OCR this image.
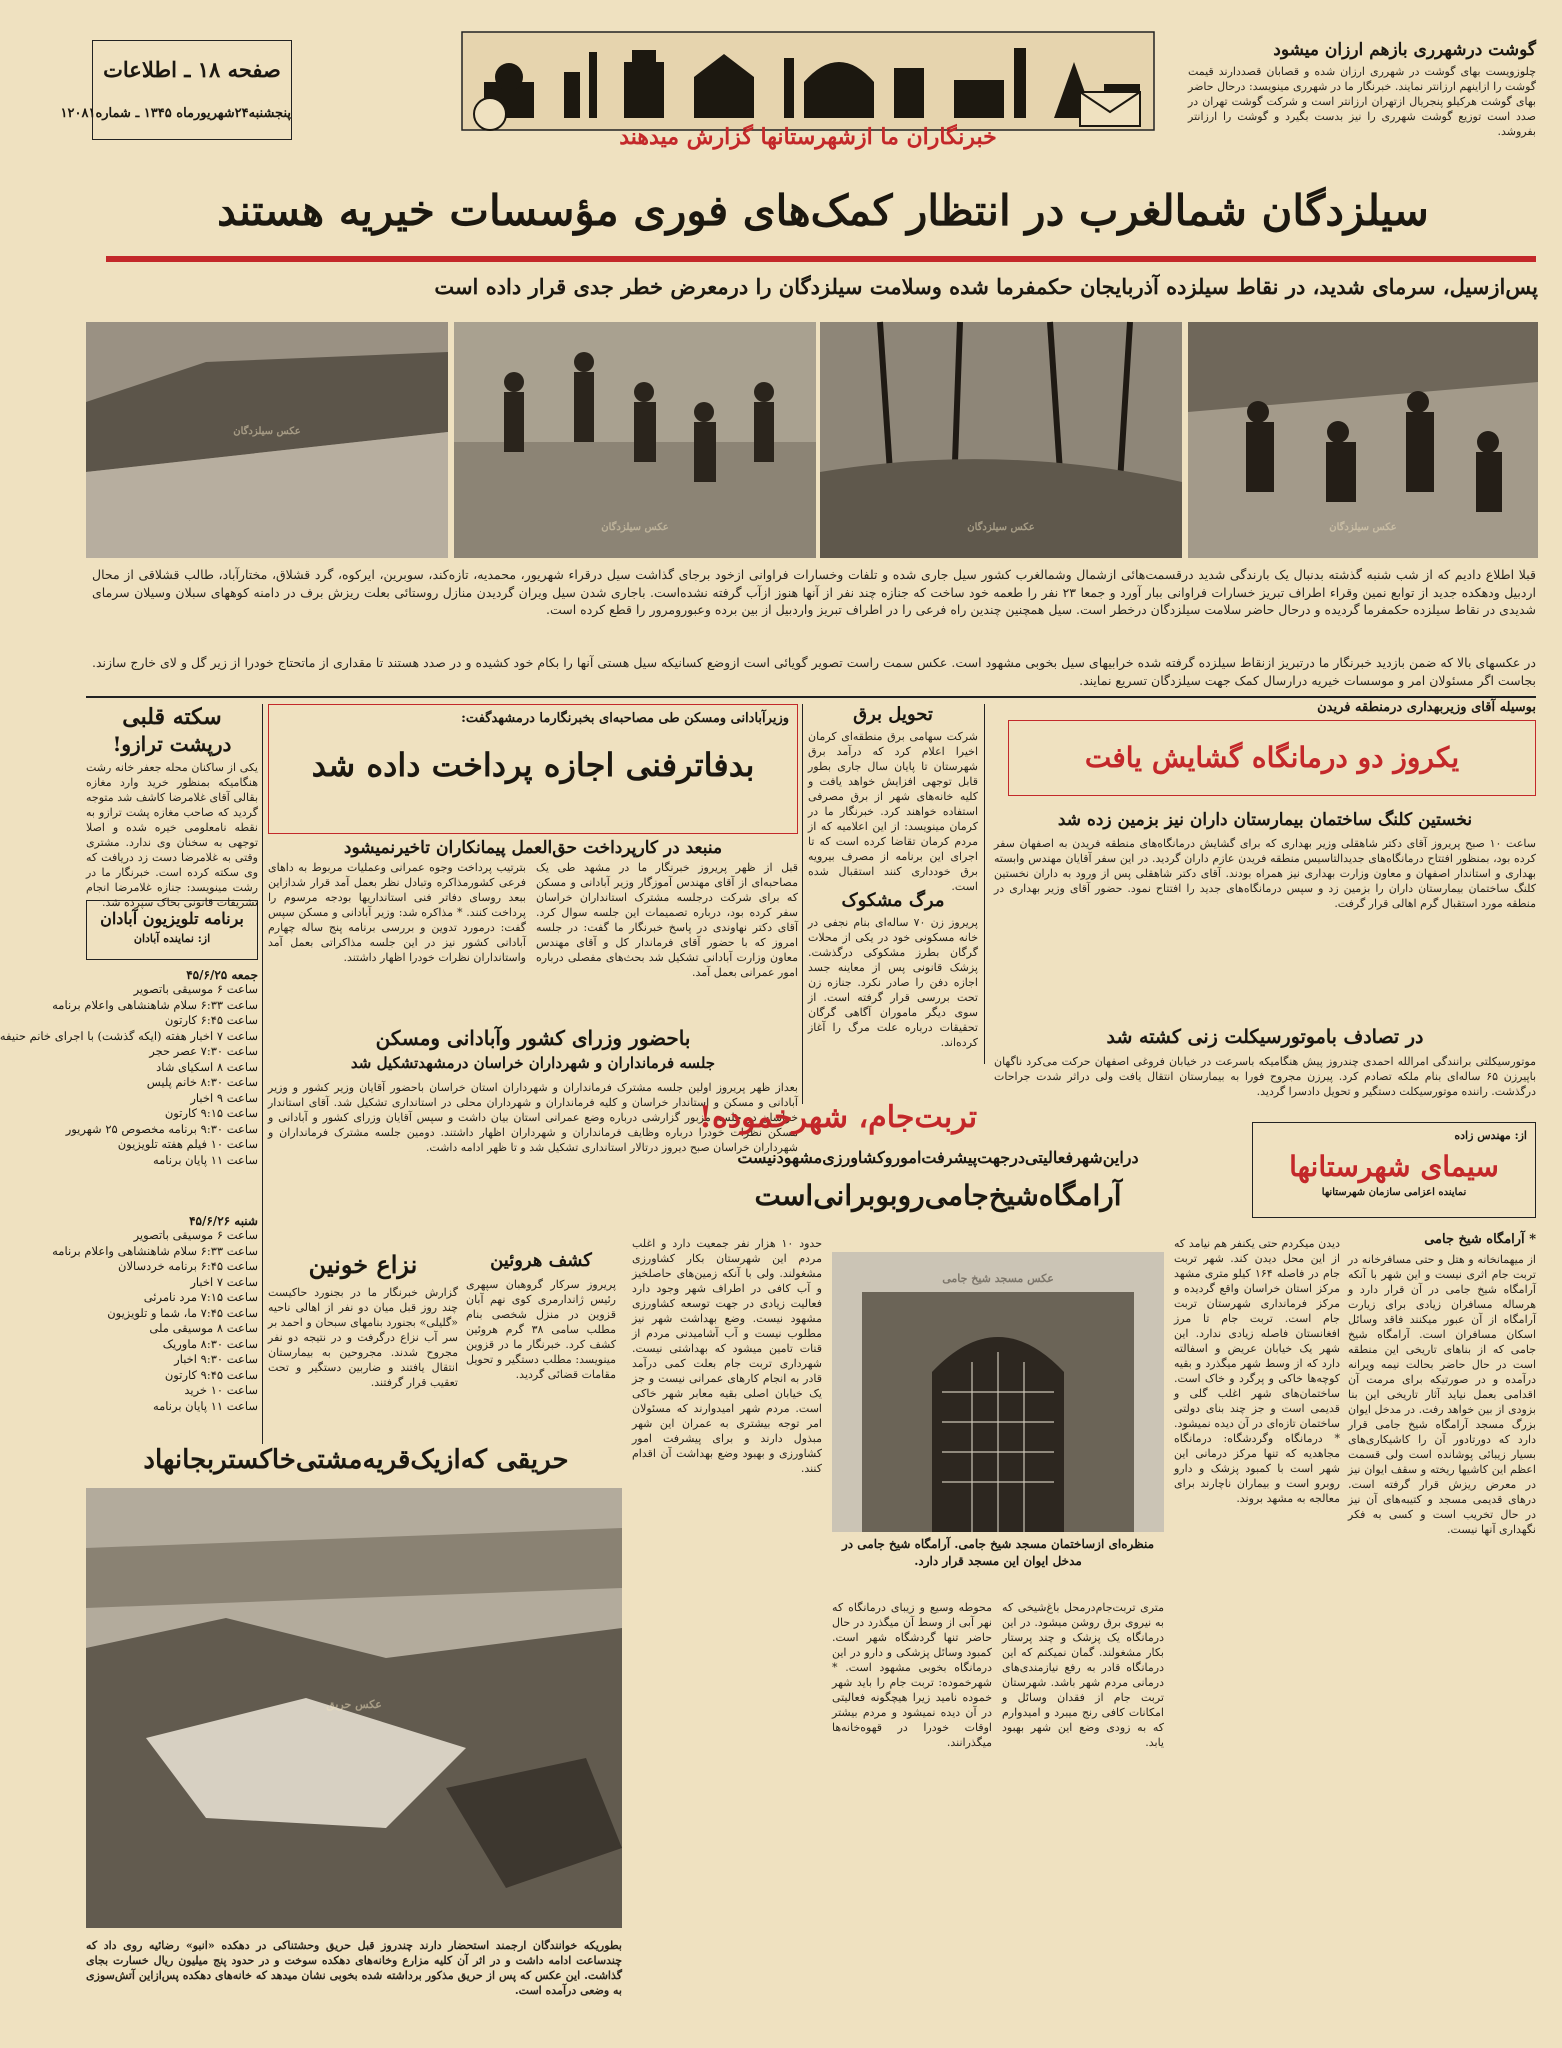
صفحه ۱۸ ـ اطلاعات
پنجشنبه۲۴شهریورماه ۱۳۴۵ ـ شماره۱۲۰۸۱
خبرنگاران ما ازشهرستانها گزارش میدهند
گوشت درشهرری بازهم ارزان میشود
چلوزویست بهای گوشت در شهرری ارزان شده و قصابان قصددارند قیمت گوشت را ازاینهم ارزانتر نمایند. خبرنگار ما در شهرری مینویسد: درحال حاضر بهای گوشت هرکیلو پنجریال ازتهران ارزانتر است و شرکت گوشت تهران در صدد است توزیع گوشت شهرری را نیز بدست بگیرد و گوشت را ارزانتر بفروشد.
سیلزدگان شمالغرب در انتظار کمک‌های فوری مؤسسات خیریه هستند
پس‌ازسیل، سرمای شدید، در نقاط سیلزده آذربایجان حکمفرما شده وسلامت سیلزدگان را درمعرض خطر جدی قرار داده است
عکس سیلزدگان
عکس سیلزدگان	عکس سیلزدگان	عکس سیلزدگان
قبلا اطلاع دادیم که از شب شنبه گذشته بدنبال یک بارندگی شدید درقسمت‌هائی ازشمال وشمالغرب کشور سیل جاری شده و تلفات وخسارات فراوانی ازخود برجای گذاشت سیل درقراء شهریور، محمدیه، تازه‌کند، سوبرین، ایرکوه، گرد قشلاق، مختارآباد، طالب قشلاقی از محال اردبیل ودهکده جدید از توابع نمین وقراء اطراف تبریز خسارات فراوانی ببار آورد و جمعا ۲۳ نفر را طعمه خود ساخت که جنازه چند نفر از آنها هنوز ازآب گرفته نشده‌است. باجاری شدن سیل ویران گردیدن منازل روستائی بعلت ریزش برف در دامنه کوههای سبلان وسیلان سرمای شدیدی در نقاط سیلزده حکمفرما گردیده و درحال حاضر سلامت سیلزدگان درخطر است. سیل همچنین چندین راه فرعی را در اطراف تبریز واردبیل از بین برده وعبورومرور را قطع کرده است.
در عکسهای بالا که ضمن بازدید خبرنگار ما درتبریز ازنقاط سیلزده گرفته شده خرابیهای سیل بخوبی مشهود است. عکس سمت راست تصویر گویائی است ازوضع کسانیکه سیل هستی آنها را بکام خود کشیده و در صدد هستند تا مقداری از ماتحتاج خودرا از زیر گل و لای خارج سازند. بجاست اگر مسئولان امر و موسسات خیریه درارسال کمک جهت سیلزدگان تسریع نمایند.
سکته قلبی
درپشت ترازو!
یکی از ساکنان محله جعفر خانه رشت هنگامیکه بمنظور خرید وارد مغازه بقالی آقای غلامرضا کاشف شد متوجه گردید که صاحب مغازه پشت ترازو به نقطه نامعلومی خیره شده و اصلا توجهی به سخنان وی ندارد. مشتری وقتی به غلامرضا دست زد دریافت که وی سکته کرده است. خبرنگار ما در رشت مینویسد: جنازه غلامرضا انجام تشریفات قانونی بخاک سپرده شد.
برنامه تلویزیون آبادان
از: نماینده آبادان
جمعه ۲۵‏/۶‏/۴۵
ساعت ۶ موسیقی باتصویر
ساعت ۶:۳۳ سلام شاهنشاهی واعلام برنامه
ساعت ۶:۴۵ کارتون
ساعت ۷ اخبار هفته (ایکه گذشت) با اجرای خانم حنیفه
ساعت ۷:۳۰ عصر حجر
ساعت ۸ اسکیای شاد
ساعت ۸:۳۰ خانم پلیس
ساعت ۹ اخبار
ساعت ۹:۱۵ کارتون
ساعت ۹:۳۰ برنامه مخصوص ۲۵ شهریور
ساعت ۱۰ فیلم هفته تلویزیون
ساعت ۱۱ پایان برنامه
شنبه ۲۶‏/۶‏/۴۵
ساعت ۶ موسیقی باتصویر
ساعت ۶:۳۳ سلام شاهنشاهی واعلام برنامه
ساعت ۶:۴۵ برنامه خردسالان
ساعت ۷ اخبار
ساعت ۷:۱۵ مرد نامرئی
ساعت ۷:۴۵ ما، شما و تلویزیون
ساعت ۸ موسیقی ملی
ساعت ۸:۳۰ ماوریک
ساعت ۹:۳۰ اخبار
ساعت ۹:۴۵ کارتون
ساعت ۱۰ خرید
ساعت ۱۱ پایان برنامه
وزیرآبادانی ومسکن طی مصاحبه‌ای بخبرنگارما درمشهدگفت:
بدفاترفنی اجازه پرداخت داده شد
منبعد در کارپرداخت حق‌العمل پیمانکاران تاخیرنمیشود
بترتیب پرداخت وجوه عمرانی وعملیات مربوط به داهای فرعی کشورمذاکره وتبادل نظر بعمل آمد قرار شدازاین ببعد روسای دفاتر فنی استانداریها بودجه مرسوم را پرداخت کنند. * مذاکره شد: وزیر آبادانی و مسکن سپس گفت: درمورد تدوین و بررسی برنامه پنج ساله چهارم آبادانی کشور نیز در این جلسه مذاکراتی بعمل آمد واستانداران نظرات خودرا اظهار داشتند.
قبل از ظهر پریروز خبرنگار ما در مشهد طی یک مصاحبه‌ای از آقای مهندس آموزگار وزیر آبادانی و مسکن که برای شرکت درجلسه مشترک استانداران خراسان سفر کرده بود، درباره تصمیمات این جلسه سوال کرد. آقای دکتر نهاوندی در پاسخ خبرنگار ما گفت: در جلسه امروز که با حضور آقای فرماندار کل و آقای مهندس معاون وزارت آبادانی تشکیل شد بحث‌های مفصلی درباره امور عمرانی بعمل آمد.
باحضور وزرای کشور وآبادانی ومسکن
جلسه فرمانداران و شهرداران خراسان درمشهدتشکیل شد
بعداز ظهر پریروز اولین جلسه مشترک فرمانداران و شهرداران استان خراسان باحضور آقایان وزیر کشور و وزیر آبادانی و مسکن و استاندار خراسان و کلیه فرمانداران و شهرداران محلی در استانداری تشکیل شد. آقای استاندار خراسان در جلسه مزبور گزارشی درباره وضع عمرانی استان بیان داشت و سپس آقایان وزرای کشور و آبادانی و مسکن نظرات خودرا درباره وظایف فرمانداران و شهرداران اظهار داشتند. دومین جلسه مشترک فرمانداران و شهرداران خراسان صبح دیروز درتالار استانداری تشکیل شد و تا ظهر ادامه داشت.
نزاع خونین
گزارش خبرنگار ما در بجنورد حاکیست چند روز قبل میان دو نفر از اهالی ناحیه «گلیلی» بجنورد بنامهای سبحان و احمد بر سر آب نزاع درگرفت و در نتیجه دو نفر مجروح شدند. مجروحین به بیمارستان انتقال یافتند و ضاربین دستگیر و تحت تعقیب قرار گرفتند.
کشف هروئین
پریروز سرکار گروهبان سپهری رئیس ژاندارمری کوی نهم آبان قزوین در منزل شخصی بنام مطلب سامی ۳۸ گرم هروئین کشف کرد. خبرنگار ما در قزوین مینویسد: مطلب دستگیر و تحویل مقامات قضائی گردید.
حریقی که‌ازیک‌قریه‌مشتی‌خاکستر‌بجانهاد
عکس حریق
بطوریکه خوانندگان ارجمند استحضار دارند چندروز قبل حریق وحشتناکی در دهکده «انبو» رضائیه روی داد که چندساعت ادامه داشت و در اثر آن کلیه مزارع وخانه‌های دهکده سوخت و در حدود پنج میلیون ریال خسارت بجای گذاشت. این عکس که پس از حریق مذکور برداشته شده بخوبی نشان میدهد که خانه‌های دهکده پس‌ازاین آتش‌سوزی به وضعی درآمده است.
تحویل برق
شرکت سهامی برق منطقه‌ای کرمان اخیرا اعلام کرد که درآمد برق شهرستان تا پایان سال جاری بطور قابل توجهی افزایش خواهد یافت و کلیه خانه‌های شهر از برق مصرفی استفاده خواهند کرد. خبرنگار ما در کرمان مینویسد: از این اعلامیه که از مردم کرمان تقاضا کرده است که تا اجرای این برنامه از مصرف بیرویه برق خودداری کنند استقبال شده است.
مرگ مشکوک
پریروز زن ۷۰ ساله‌ای بنام نجفی در خانه مسکونی خود در یکی از محلات گرگان بطرز مشکوکی درگذشت. پزشک قانونی پس از معاینه جسد اجازه دفن را صادر نکرد. جنازه زن تحت بررسی قرار گرفته است. از سوی دیگر ماموران آگاهی گرگان تحقیقات درباره علت مرگ را آغاز کرده‌اند.
بوسیله آقای وزیربهداری درمنطقه فریدن
یکروز دو درمانگاه گشایش یافت
نخستین کلنگ ساختمان بیمارستان داران نیز بزمین زده شد
ساعت ۱۰ صبح پریروز آقای دکتر شاهقلی وزیر بهداری که برای گشایش درمانگاه‌های منطقه فریدن به اصفهان سفر کرده بود، بمنظور افتتاح درمانگاه‌های جدیدالتاسیس منطقه فریدن عازم داران گردید. در این سفر آقایان مهندس وابسته بهداری و استاندار اصفهان و معاون وزارت بهداری نیز همراه بودند. آقای دکتر شاهقلی پس از ورود به داران نخستین کلنگ ساختمان بیمارستان داران را بزمین زد و سپس درمانگاه‌های جدید را افتتاح نمود. حضور آقای وزیر بهداری در منطقه مورد استقبال گرم اهالی قرار گرفت.
در تصادف باموتورسیکلت زنی کشته شد
موتورسیکلتی برانندگی امرالله احمدی چندروز پیش هنگامیکه باسرعت در خیابان فروغی اصفهان حرکت می‌کرد ناگهان باپیرزن ۶۵ ساله‌ای بنام ملکه تصادم کرد. پیرزن مجروح فورا به بیمارستان انتقال یافت ولی دراثر شدت جراحات درگذشت. راننده موتورسیکلت دستگیر و تحویل دادسرا گردید.
تربت‌جام، شهرخموده!
دراین‌شهرفعالیتی‌درجهت‌پیشرفت‌اموروکشاورزی‌مشهودنیست
آرامگاه‌شیخ‌جامی‌روبوبرانی‌است
از: مهندس زاده
سیمای شهرستانها
نماینده اعزامی سازمان شهرستانها
عکس مسجد شیخ جامی
منظره‌ای ازساختمان مسجد شیخ جامی. آرامگاه شیخ جامی در مدخل ایوان این مسجد قرار دارد.
* آرامگاه شیخ جامی
از میهمانخانه و هتل و حتی مسافرخانه در تربت جام اثری نیست و این شهر با آنکه آرامگاه شیخ جامی در آن قرار دارد و هرساله مسافران زیادی برای زیارت آرامگاه از آن عبور میکنند فاقد وسائل اسکان مسافران است. آرامگاه شیخ جامی که از بناهای تاریخی این منطقه است در حال حاضر بحالت نیمه ویرانه درآمده و در صورتیکه برای مرمت آن اقدامی بعمل نیاید آثار تاریخی این بنا بزودی از بین خواهد رفت. در مدخل ایوان بزرگ مسجد آرامگاه شیخ جامی قرار دارد که دورتادور آن را کاشیکاری‌های بسیار زیبائی پوشانده است ولی قسمت اعظم این کاشیها ریخته و سقف ایوان نیز در معرض ریزش قرار گرفته است. درهای قدیمی مسجد و کتیبه‌های آن نیز در حال تخریب است و کسی به فکر نگهداری آنها نیست.
دیدن میکردم حتی یکنفر هم نیامد که از این محل دیدن کند. شهر تربت جام در فاصله ۱۶۴ کیلو متری مشهد مرکز استان خراسان واقع گردیده و مرکز فرمانداری شهرستان تربت جام است. تربت جام تا مرز افغانستان فاصله زیادی ندارد. این شهر یک خیابان عریض و اسفالته دارد که از وسط شهر میگذرد و بقیه کوچه‌ها خاکی و پرگرد و خاک است. ساختمان‌های شهر اغلب گلی و قدیمی است و جز چند بنای دولتی ساختمان تازه‌ای در آن دیده نمیشود. * درمانگاه وگردشگاه: درمانگاه مجاهدیه که تنها مرکز درمانی این شهر است با کمبود پزشک و دارو روبرو است و بیماران ناچارند برای معالجه به مشهد بروند.
حدود ۱۰ هزار نفر جمعیت دارد و اغلب مردم این شهرستان بکار کشاورزی مشغولند. ولی با آنکه زمین‌های حاصلخیز و آب کافی در اطراف شهر وجود دارد فعالیت زیادی در جهت توسعه کشاورزی مشهود نیست. وضع بهداشت شهر نیز مطلوب نیست و آب آشامیدنی مردم از قنات تامین میشود که بهداشتی نیست. شهرداری تربت جام بعلت کمی درآمد قادر به انجام کارهای عمرانی نیست و جز یک خیابان اصلی بقیه معابر شهر خاکی است. مردم شهر امیدوارند که مسئولان امر توجه بیشتری به عمران این شهر مبذول دارند و برای پیشرفت امور کشاورزی و بهبود وضع بهداشت آن اقدام کنند.
محوطه وسیع و زیبای درمانگاه که نهر آبی از وسط آن میگذرد در حال حاضر تنها گردشگاه شهر است. کمبود وسائل پزشکی و دارو در این درمانگاه بخوبی مشهود است. * شهرخموده: تربت جام را باید شهر خموده نامید زیرا هیچگونه فعالیتی در آن دیده نمیشود و مردم بیشتر اوقات خودرا در قهوه‌خانه‌ها میگذرانند.
متری تربت‌جام‌درمحل باغ‌شیخی که به نیروی برق روشن میشود. در این درمانگاه یک پزشک و چند پرستار بکار مشغولند. گمان نمیکنم که این درمانگاه قادر به رفع نیازمندی‌های درمانی مردم شهر باشد. شهرستان تربت جام از فقدان وسائل و امکانات کافی رنج میبرد و امیدوارم که به زودی وضع این شهر بهبود یابد.
